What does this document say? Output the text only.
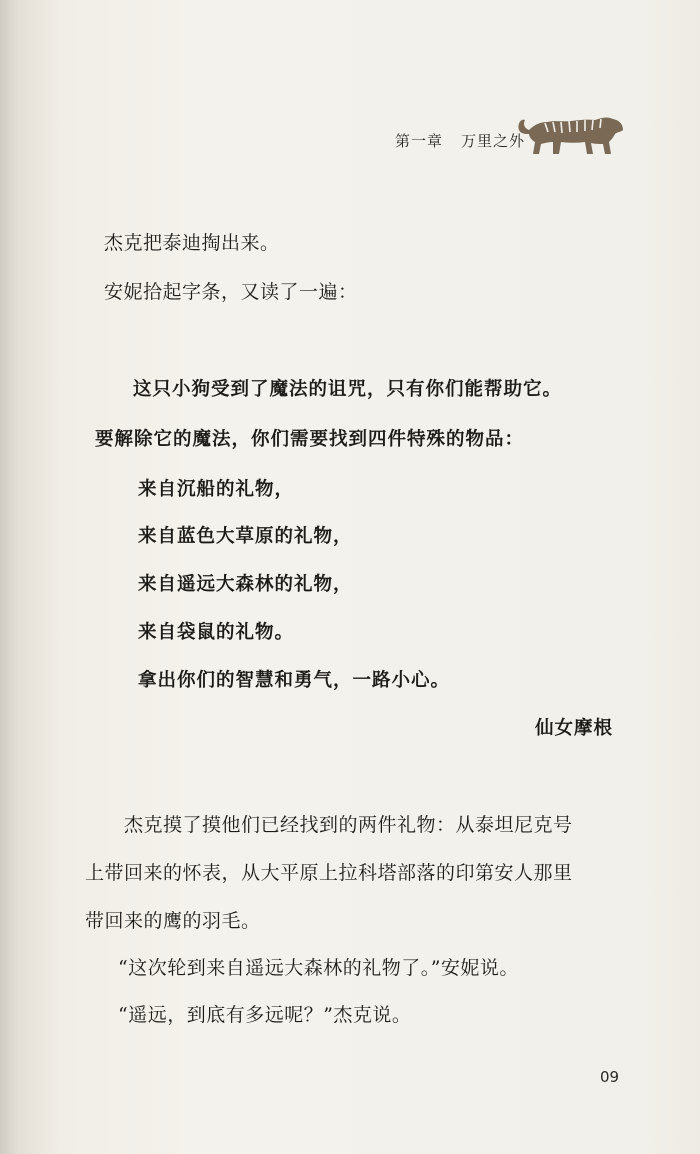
第一章 万里之外
杰克把泰迪掏出来。
安妮拾起字条，又读了一遍：
这只小狗受到了魔法的诅咒，只有你们能帮助它。
要解除它的魔法，你们需要找到四件特殊的物品：
来自沉船的礼物，
来自蓝色大草原的礼物，
来自遥远大森林的礼物，
来自袋鼠的礼物。
拿出你们的智慧和勇气，一路小心。
仙女摩根
杰克摸了摸他们已经找到的两件礼物：从泰坦尼克号
上带回来的怀表，从大平原上拉科塔部落的印第安人那里
带回来的鹰的羽毛。
“这次轮到来自遥远大森林的礼物了。”安妮说。
“遥远，到底有多远呢？”杰克说。
09
